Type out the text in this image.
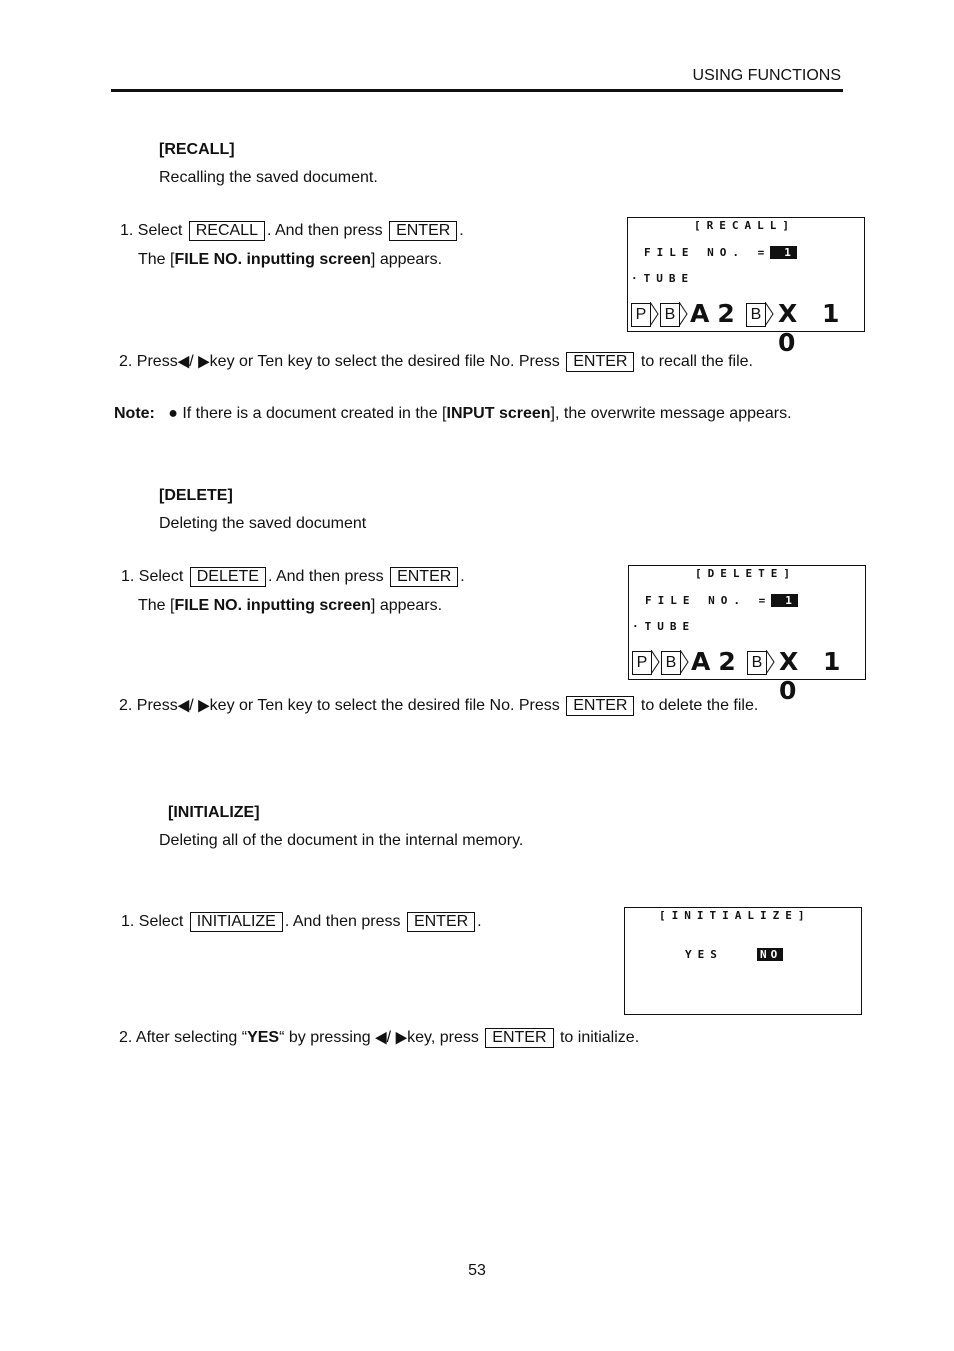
USING FUNCTIONS
[RECALL]
Recalling the saved document.
1. Select RECALL . And then press ENTER .
The [FILE NO. inputting screen] appears.
[RECALL]
FILE NO. = 1
·TUBE
P B A2 B X 1 0
2. Press◀/ ▶key or Ten key to select the desired file No. Press ENTER to recall the file.
Note: ● If there is a document created in the [INPUT screen], the overwrite message appears.
[DELETE]
Deleting the saved document
1. Select DELETE . And then press ENTER .
The [FILE NO. inputting screen] appears.
[DELETE]
FILE NO. = 1
·TUBE
P B A2 B X 1 0
2. Press◀/ ▶key or Ten key to select the desired file No. Press ENTER to delete the file.
[INITIALIZE]
Deleting all of the document in the internal memory.
1. Select INITIALIZE . And then press ENTER .	[INITIALIZE]
YES	NO
2. After selecting “YES“ by pressing ◀/ ▶key, press ENTER to initialize.
53
